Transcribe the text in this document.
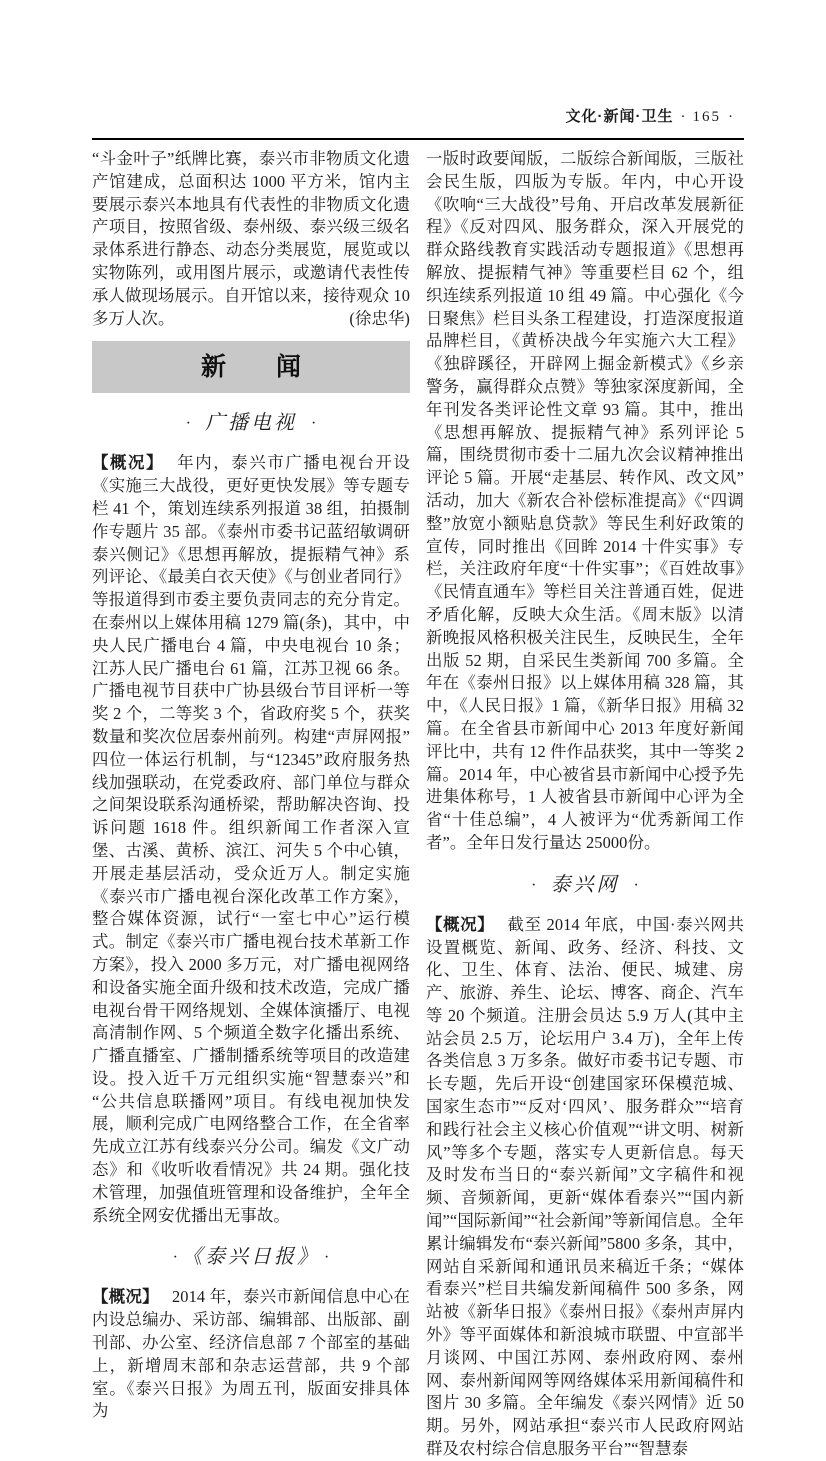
文化·新闻·卫生 · 165 ·

“斗金叶子”纸牌比赛，泰兴市非物质文化遗产馆建成，总面积达 1000 平方米，馆内主要展示泰兴本地具有代表性的非物质文化遗产项目，按照省级、泰州级、泰兴级三级名录体系进行静态、动态分类展览，展览或以实物陈列，或用图片展示，或邀请代表性传承人做现场展示。自开馆以来，接待观众 10 多万人次。	(徐忠华)

新　　闻
· 广播电视 ·

【概况】 年内，泰兴市广播电视台开设《实施三大战役，更好更快发展》等专题专栏 41 个，策划连续系列报道 38 组，拍摄制作专题片 35 部。《泰州市委书记蓝绍敏调研泰兴侧记》《思想再解放，提振精气神》系列评论、《最美白衣天使》《与创业者同行》等报道得到市委主要负责同志的充分肯定。在泰州以上媒体用稿 1279 篇(条)，其中，中央人民广播电台 4 篇，中央电视台 10 条；江苏人民广播电台 61 篇，江苏卫视 66 条。广播电视节目获中广协县级台节目评析一等奖 2 个，二等奖 3 个，省政府奖 5 个，获奖数量和奖次位居泰州前列。构建“声屏网报”四位一体运行机制，与“12345”政府服务热线加强联动，在党委政府、部门单位与群众之间架设联系沟通桥梁，帮助解决咨询、投诉问题 1618 件。组织新闻工作者深入宣堡、古溪、黄桥、滨江、河失 5 个中心镇，开展走基层活动，受众近万人。制定实施《泰兴市广播电视台深化改革工作方案》，整合媒体资源，试行“一室七中心”运行模式。制定《泰兴市广播电视台技术革新工作方案》，投入 2000 多万元，对广播电视网络和设备实施全面升级和技术改造，完成广播电视台骨干网络规划、全媒体演播厅、电视高清制作网、5 个频道全数字化播出系统、广播直播室、广播制播系统等项目的改造建设。投入近千万元组织实施“智慧泰兴”和“公共信息联播网”项目。有线电视加快发展，顺利完成广电网络整合工作，在全省率先成立江苏有线泰兴分公司。编发《文广动态》和《收听收看情况》共 24 期。强化技术管理，加强值班管理和设备维护，全年全系统全网安优播出无事故。

· 《泰兴日报》 ·

【概况】 2014 年，泰兴市新闻信息中心在内设总编办、采访部、编辑部、出版部、副刊部、办公室、经济信息部 7 个部室的基础上，新增周末部和杂志运营部，共 9 个部室。《泰兴日报》为周五刊，版面安排具体为

一版时政要闻版，二版综合新闻版，三版社会民生版，四版为专版。年内，中心开设《吹响“三大战役”号角、开启改革发展新征程》《反对四风、服务群众，深入开展党的群众路线教育实践活动专题报道》《思想再解放、提振精气神》等重要栏目 62 个，组织连续系列报道 10 组 49 篇。中心强化《今日聚焦》栏目头条工程建设，打造深度报道品牌栏目，《黄桥决战今年实施六大工程》《独辟蹊径，开辟网上掘金新模式》《乡亲警务，赢得群众点赞》等独家深度新闻，全年刊发各类评论性文章 93 篇。其中，推出《思想再解放、提振精气神》系列评论 5 篇，围绕贯彻市委十二届九次会议精神推出评论 5 篇。开展“走基层、转作风、改文风”活动，加大《新农合补偿标准提高》《“四调整”放宽小额贴息贷款》等民生利好政策的宣传，同时推出《回眸 2014 十件实事》专栏，关注政府年度“十件实事”；《百姓故事》《民情直通车》等栏目关注普通百姓，促进矛盾化解，反映大众生活。《周末版》以清新晚报风格积极关注民生，反映民生，全年出版 52 期，自采民生类新闻 700 多篇。全年在《泰州日报》以上媒体用稿 328 篇，其中，《人民日报》1 篇，《新华日报》用稿 32 篇。在全省县市新闻中心 2013 年度好新闻评比中，共有 12 件作品获奖，其中一等奖 2 篇。2014 年，中心被省县市新闻中心授予先进集体称号，1 人被省县市新闻中心评为全省“十佳总编”，4 人被评为“优秀新闻工作者”。全年日发行量达 25000份。

· 泰兴网 ·

【概况】 截至 2014 年底，中国·泰兴网共设置概览、新闻、政务、经济、科技、文化、卫生、体育、法治、便民、城建、房产、旅游、养生、论坛、博客、商企、汽车等 20 个频道。注册会员达 5.9 万人(其中主站会员 2.5 万，论坛用户 3.4 万)，全年上传各类信息 3 万多条。做好市委书记专题、市长专题，先后开设“创建国家环保模范城、国家生态市”“反对‘四风’、服务群众”“培育和践行社会主义核心价值观”“讲文明、树新风”等多个专题，落实专人更新信息。每天及时发布当日的“泰兴新闻”文字稿件和视频、音频新闻，更新“媒体看泰兴”“国内新闻”“国际新闻”“社会新闻”等新闻信息。全年累计编辑发布“泰兴新闻”5800 多条，其中，网站自采新闻和通讯员来稿近千条；“媒体看泰兴”栏目共编发新闻稿件 500 多条，网站被《新华日报》《泰州日报》《泰州声屏内外》等平面媒体和新浪城市联盟、中宣部半月谈网、中国江苏网、泰州政府网、泰州网、泰州新闻网等网络媒体采用新闻稿件和图片 30 多篇。全年编发《泰兴网情》近 50 期。另外，网站承担“泰兴市人民政府网站群及农村综合信息服务平台”“智慧泰
